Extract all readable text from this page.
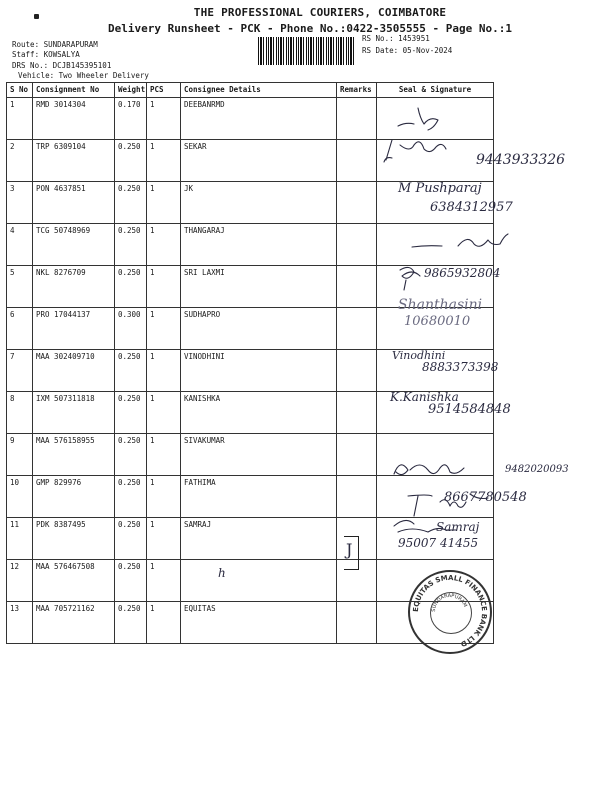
THE PROFESSIONAL COURIERS, COIMBATORE
Delivery Runsheet - PCK - Phone No.:0422-3505555 - Page No.:1
Route: SUNDARAPURAM
Staff: KOWSALYA
DRS No.: DCJB145395101
Vehicle: Two Wheeler Delivery
RS No.: 1453951
RS Date: 05-Nov-2024
S No	Consignment No	Weight	PCS	Consignee Details	Remarks	Seal & Signature
1	RMD 3014304	0.170	1	DEEBANRMD		
2	TRP 6309104	0.250	1	SEKAR		
3	PON 4637851	0.250	1	JK		
4	TCG 50748969	0.250	1	THANGARAJ		
5	NKL 8276709	0.250	1	SRI LAXMI		
6	PRO 17044137	0.300	1	SUDHAPRO		
7	MAA 302409710	0.250	1	VINODHINI		
8	IXM 507311818	0.250	1	KANISHKA		
9	MAA 576158955	0.250	1	SIVAKUMAR		
10	GMP 829976	0.250	1	FATHIMA		
11	PDK 8387495	0.250	1	SAMRAJ		
12	MAA 576467508	0.250	1			
13	MAA 705721162	0.250	1	EQUITAS		
9443933326
M Pushparaj
6384312957
9865932804
Shanthasini
10680010
Vinodhini
8883373398
K.Kanishka
9514584848
9482020093
8667780548
Samraj
95007 41455
h
J
EQUITAS SMALL FINANCE BANK LTD
SUNDARAPURAM
